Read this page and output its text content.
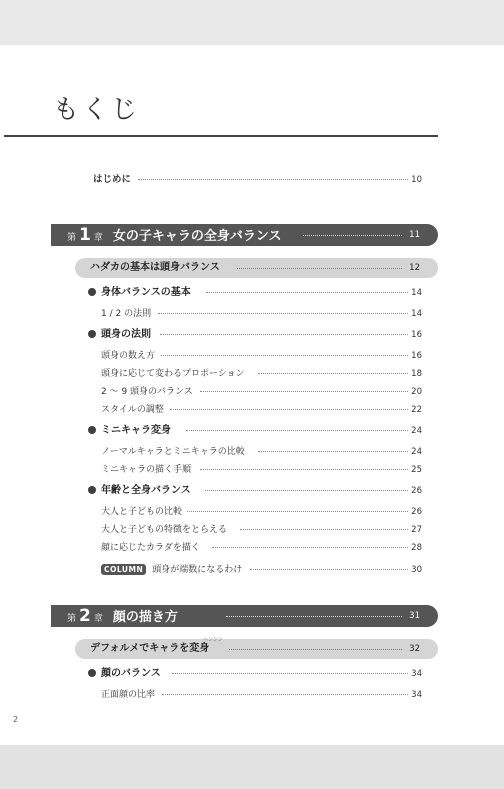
もくじ
はじめに	10
第 1 章 女の子キャラの全身バランス	11
ハダカの基本は頭身バランス	12
身体バランスの基本	14
1 / 2 の法則	14
頭身の法則	16
頭身の数え方	16
頭身に応じて変わるプロポーション	18
2 ～ 9 頭身のバランス	20
スタイルの調整	22
ミニキャラ変身	24
ノーマルキャラとミニキャラの比較	24
ミニキャラの描く手順	25
年齢と全身バランス	26
大人と子どもの比較	26
大人と子どもの特徴をとらえる	27
顔に応じたカラダを描く	28
COLUMN 頭身が端数になるわけ	30
第 2 章 顔の描き方	31
ヘンシン
デフォルメでキャラを変身	32
顔のバランス	34
正面顔の比率	34
2
